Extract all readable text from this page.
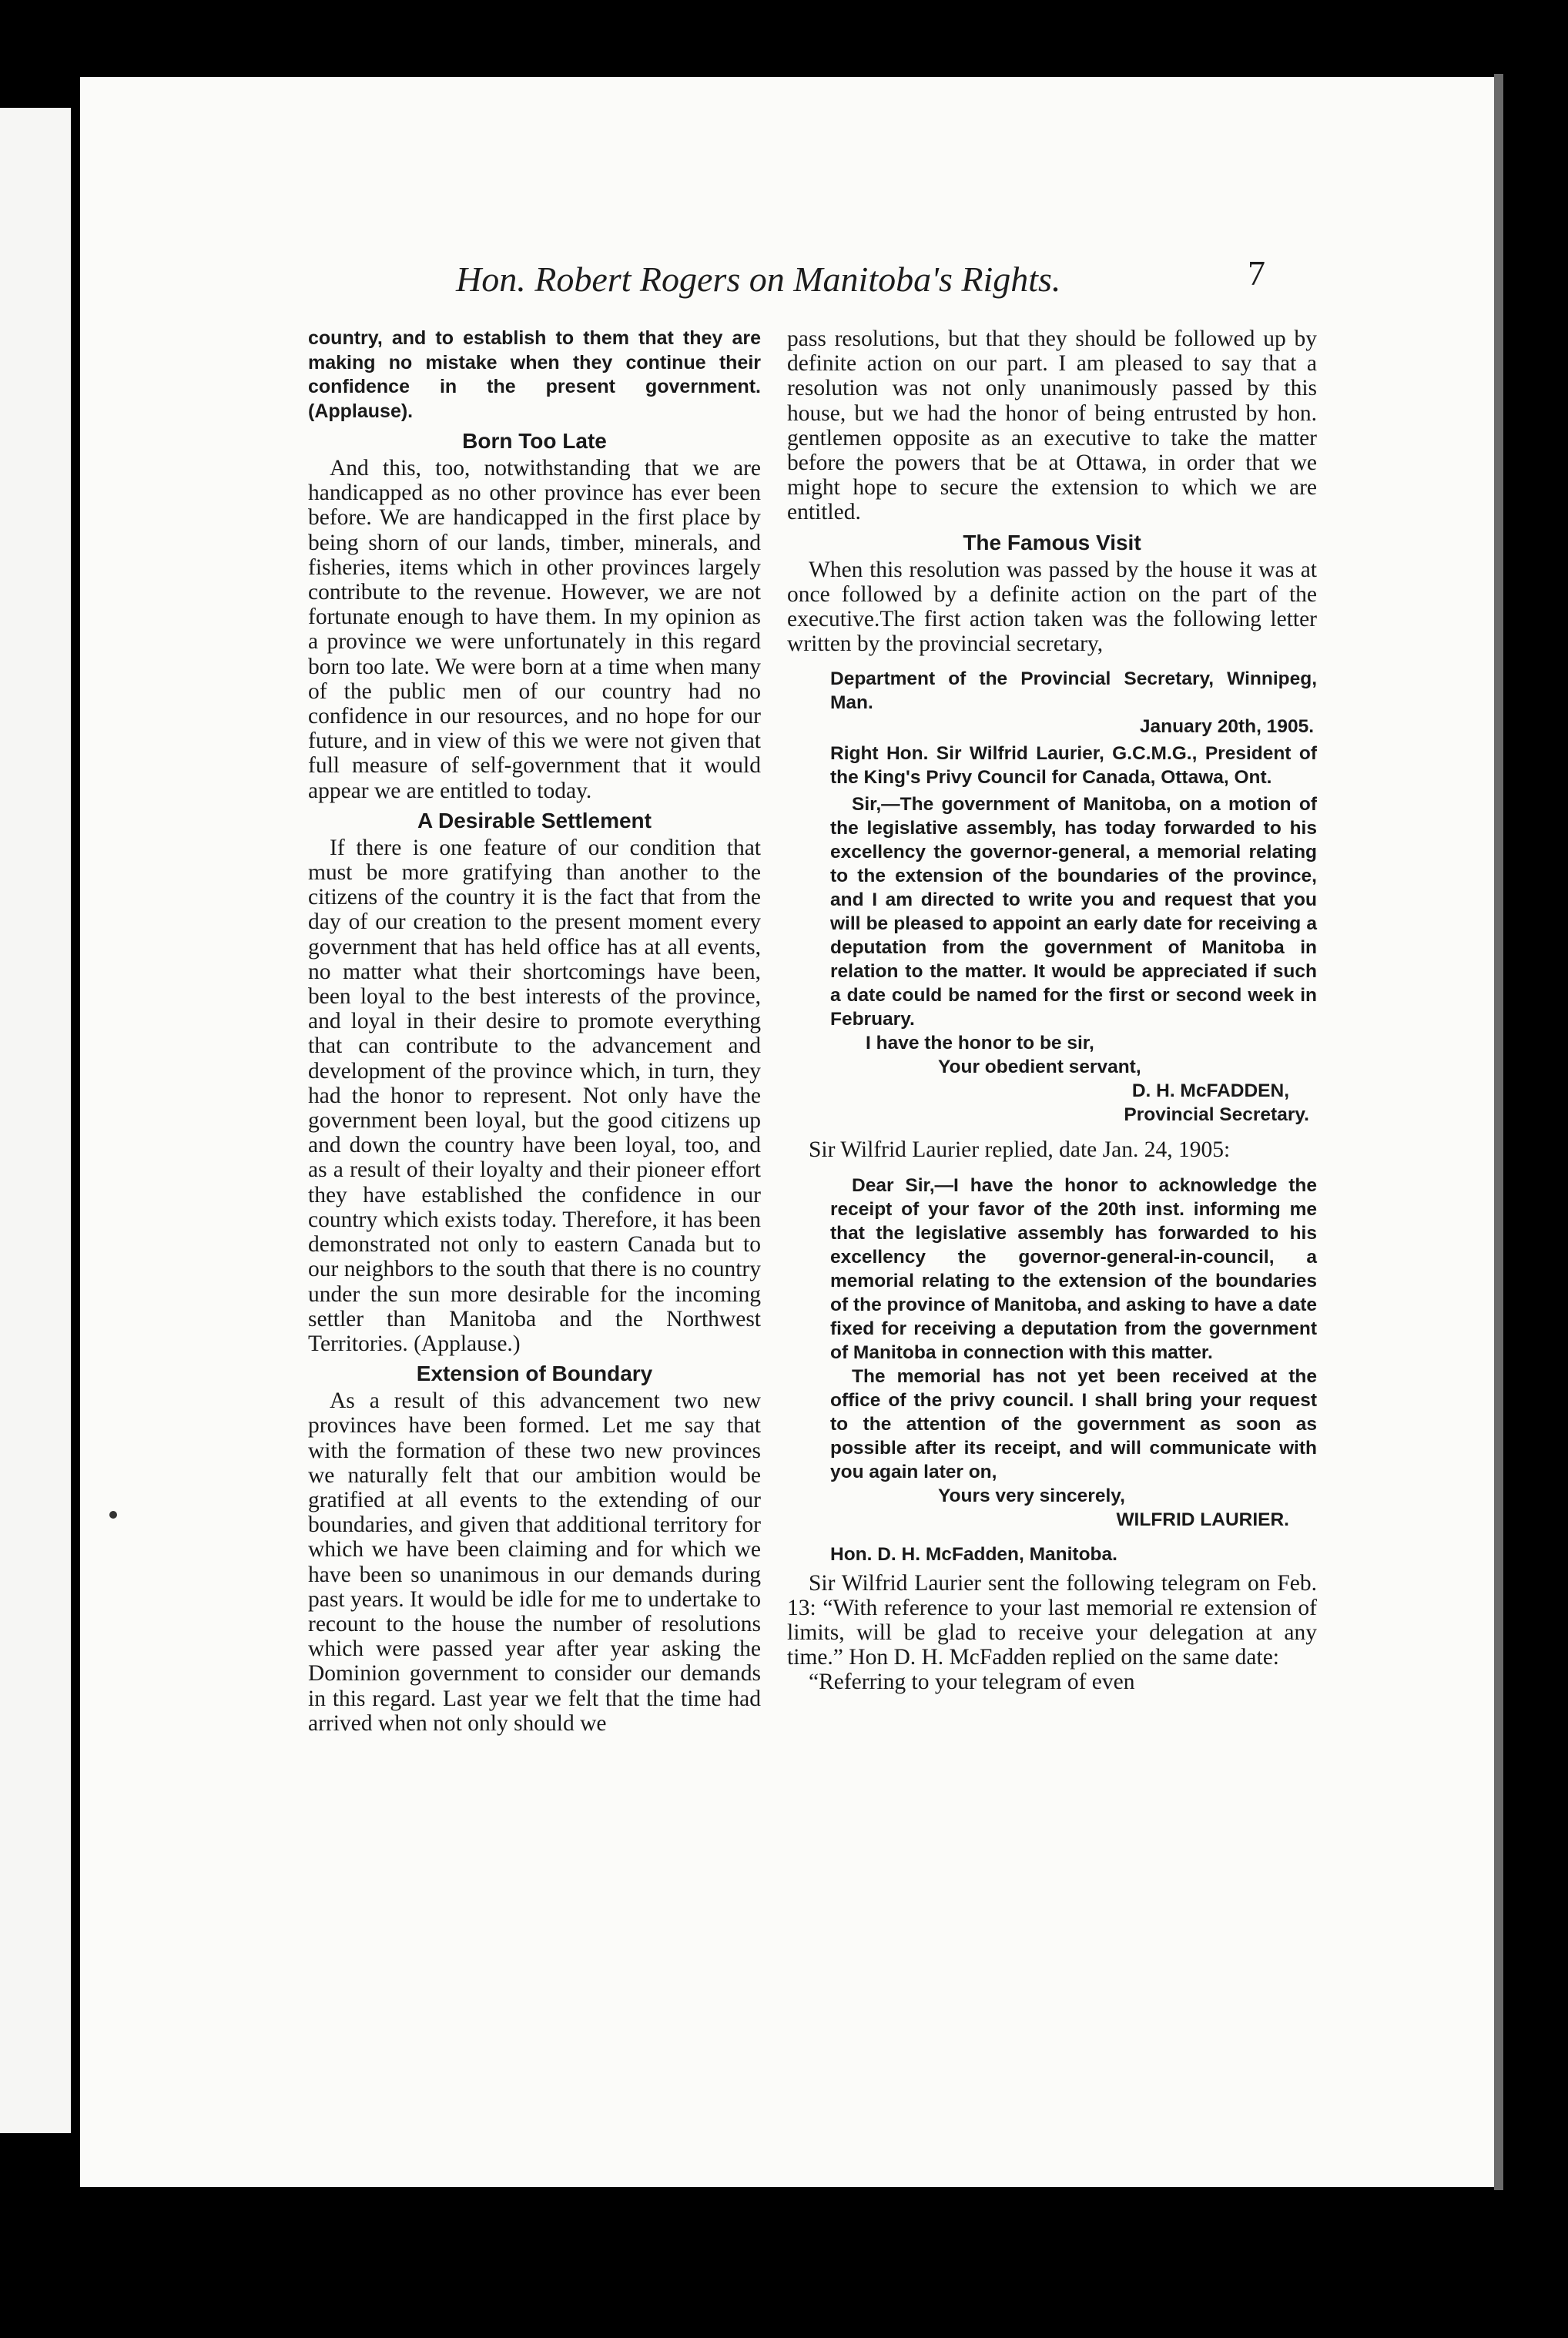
Hon. Robert Rogers on Manitoba's Rights.	7

country, and to establish to them that they are making no mistake when they continue their confidence in the present government. (Applause).

Born Too Late

And this, too, notwithstanding that we are handicapped as no other province has ever been before. We are handicapped in the first place by being shorn of our lands, timber, minerals, and fisheries, items which in other provinces largely contribute to the revenue. However, we are not fortunate enough to have them. In my opinion as a province we were unfortunately in this regard born too late. We were born at a time when many of the public men of our country had no confidence in our resources, and no hope for our future, and in view of this we were not given that full measure of self-government that it would appear we are entitled to today.

A Desirable Settlement

If there is one feature of our condition that must be more gratifying than another to the citizens of the country it is the fact that from the day of our creation to the present moment every government that has held office has at all events, no matter what their shortcomings have been, been loyal to the best interests of the province, and loyal in their desire to promote everything that can contribute to the advancement and development of the province which, in turn, they had the honor to represent. Not only have the government been loyal, but the good citizens up and down the country have been loyal, too, and as a result of their loyalty and their pioneer effort they have established the confidence in our country which exists today. Therefore, it has been demonstrated not only to eastern Canada but to our neighbors to the south that there is no country under the sun more desirable for the incoming settler than Manitoba and the Northwest Territories. (Applause.)

Extension of Boundary

As a result of this advancement two new provinces have been formed. Let me say that with the formation of these two new provinces we naturally felt that our ambition would be gratified at all events to the extending of our boundaries, and given that additional territory for which we have been claiming and for which we have been so unanimous in our demands during past years. It would be idle for me to undertake to recount to the house the number of resolutions which were passed year after year asking the Dominion government to consider our demands in this regard. Last year we felt that the time had arrived when not only should we

pass resolutions, but that they should be followed up by definite action on our part. I am pleased to say that a resolution was not only unanimously passed by this house, but we had the honor of being entrusted by hon. gentlemen opposite as an executive to take the matter before the powers that be at Ottawa, in order that we might hope to secure the extension to which we are entitled.

The Famous Visit

When this resolution was passed by the house it was at once followed by a definite action on the part of the executive.The first action taken was the following letter written by the provincial secretary,

Department of the Provincial Secretary, Winnipeg, Man.
January 20th, 1905.
Right Hon. Sir Wilfrid Laurier, G.C.M.G., President of the King's Privy Council for Canada, Ottawa, Ont.
Sir,—The government of Manitoba, on a motion of the legislative assembly, has today forwarded to his excellency the governor-general, a memorial relating to the extension of the boundaries of the province, and I am directed to write you and request that you will be pleased to appoint an early date for receiving a deputation from the government of Manitoba in relation to the matter. It would be appreciated if such a date could be named for the first or second week in February.
I have the honor to be sir,
Your obedient servant,
D. H. McFADDEN,
Provincial Secretary.

Sir Wilfrid Laurier replied, date Jan. 24, 1905:

Dear Sir,—I have the honor to acknowledge the receipt of your favor of the 20th inst. informing me that the legislative assembly has forwarded to his excellency the governor-general-in-council, a memorial relating to the extension of the boundaries of the province of Manitoba, and asking to have a date fixed for receiving a deputation from the government of Manitoba in connection with this matter.
The memorial has not yet been received at the office of the privy council. I shall bring your request to the attention of the government as soon as possible after its receipt, and will communicate with you again later on,
Yours very sincerely,
WILFRID LAURIER.
Hon. D. H. McFadden, Manitoba.

Sir Wilfrid Laurier sent the following telegram on Feb. 13: “With reference to your last memorial re extension of limits, will be glad to receive your delegation at any time.” Hon D. H. McFadden replied on the same date:

“Referring to your telegram of even
